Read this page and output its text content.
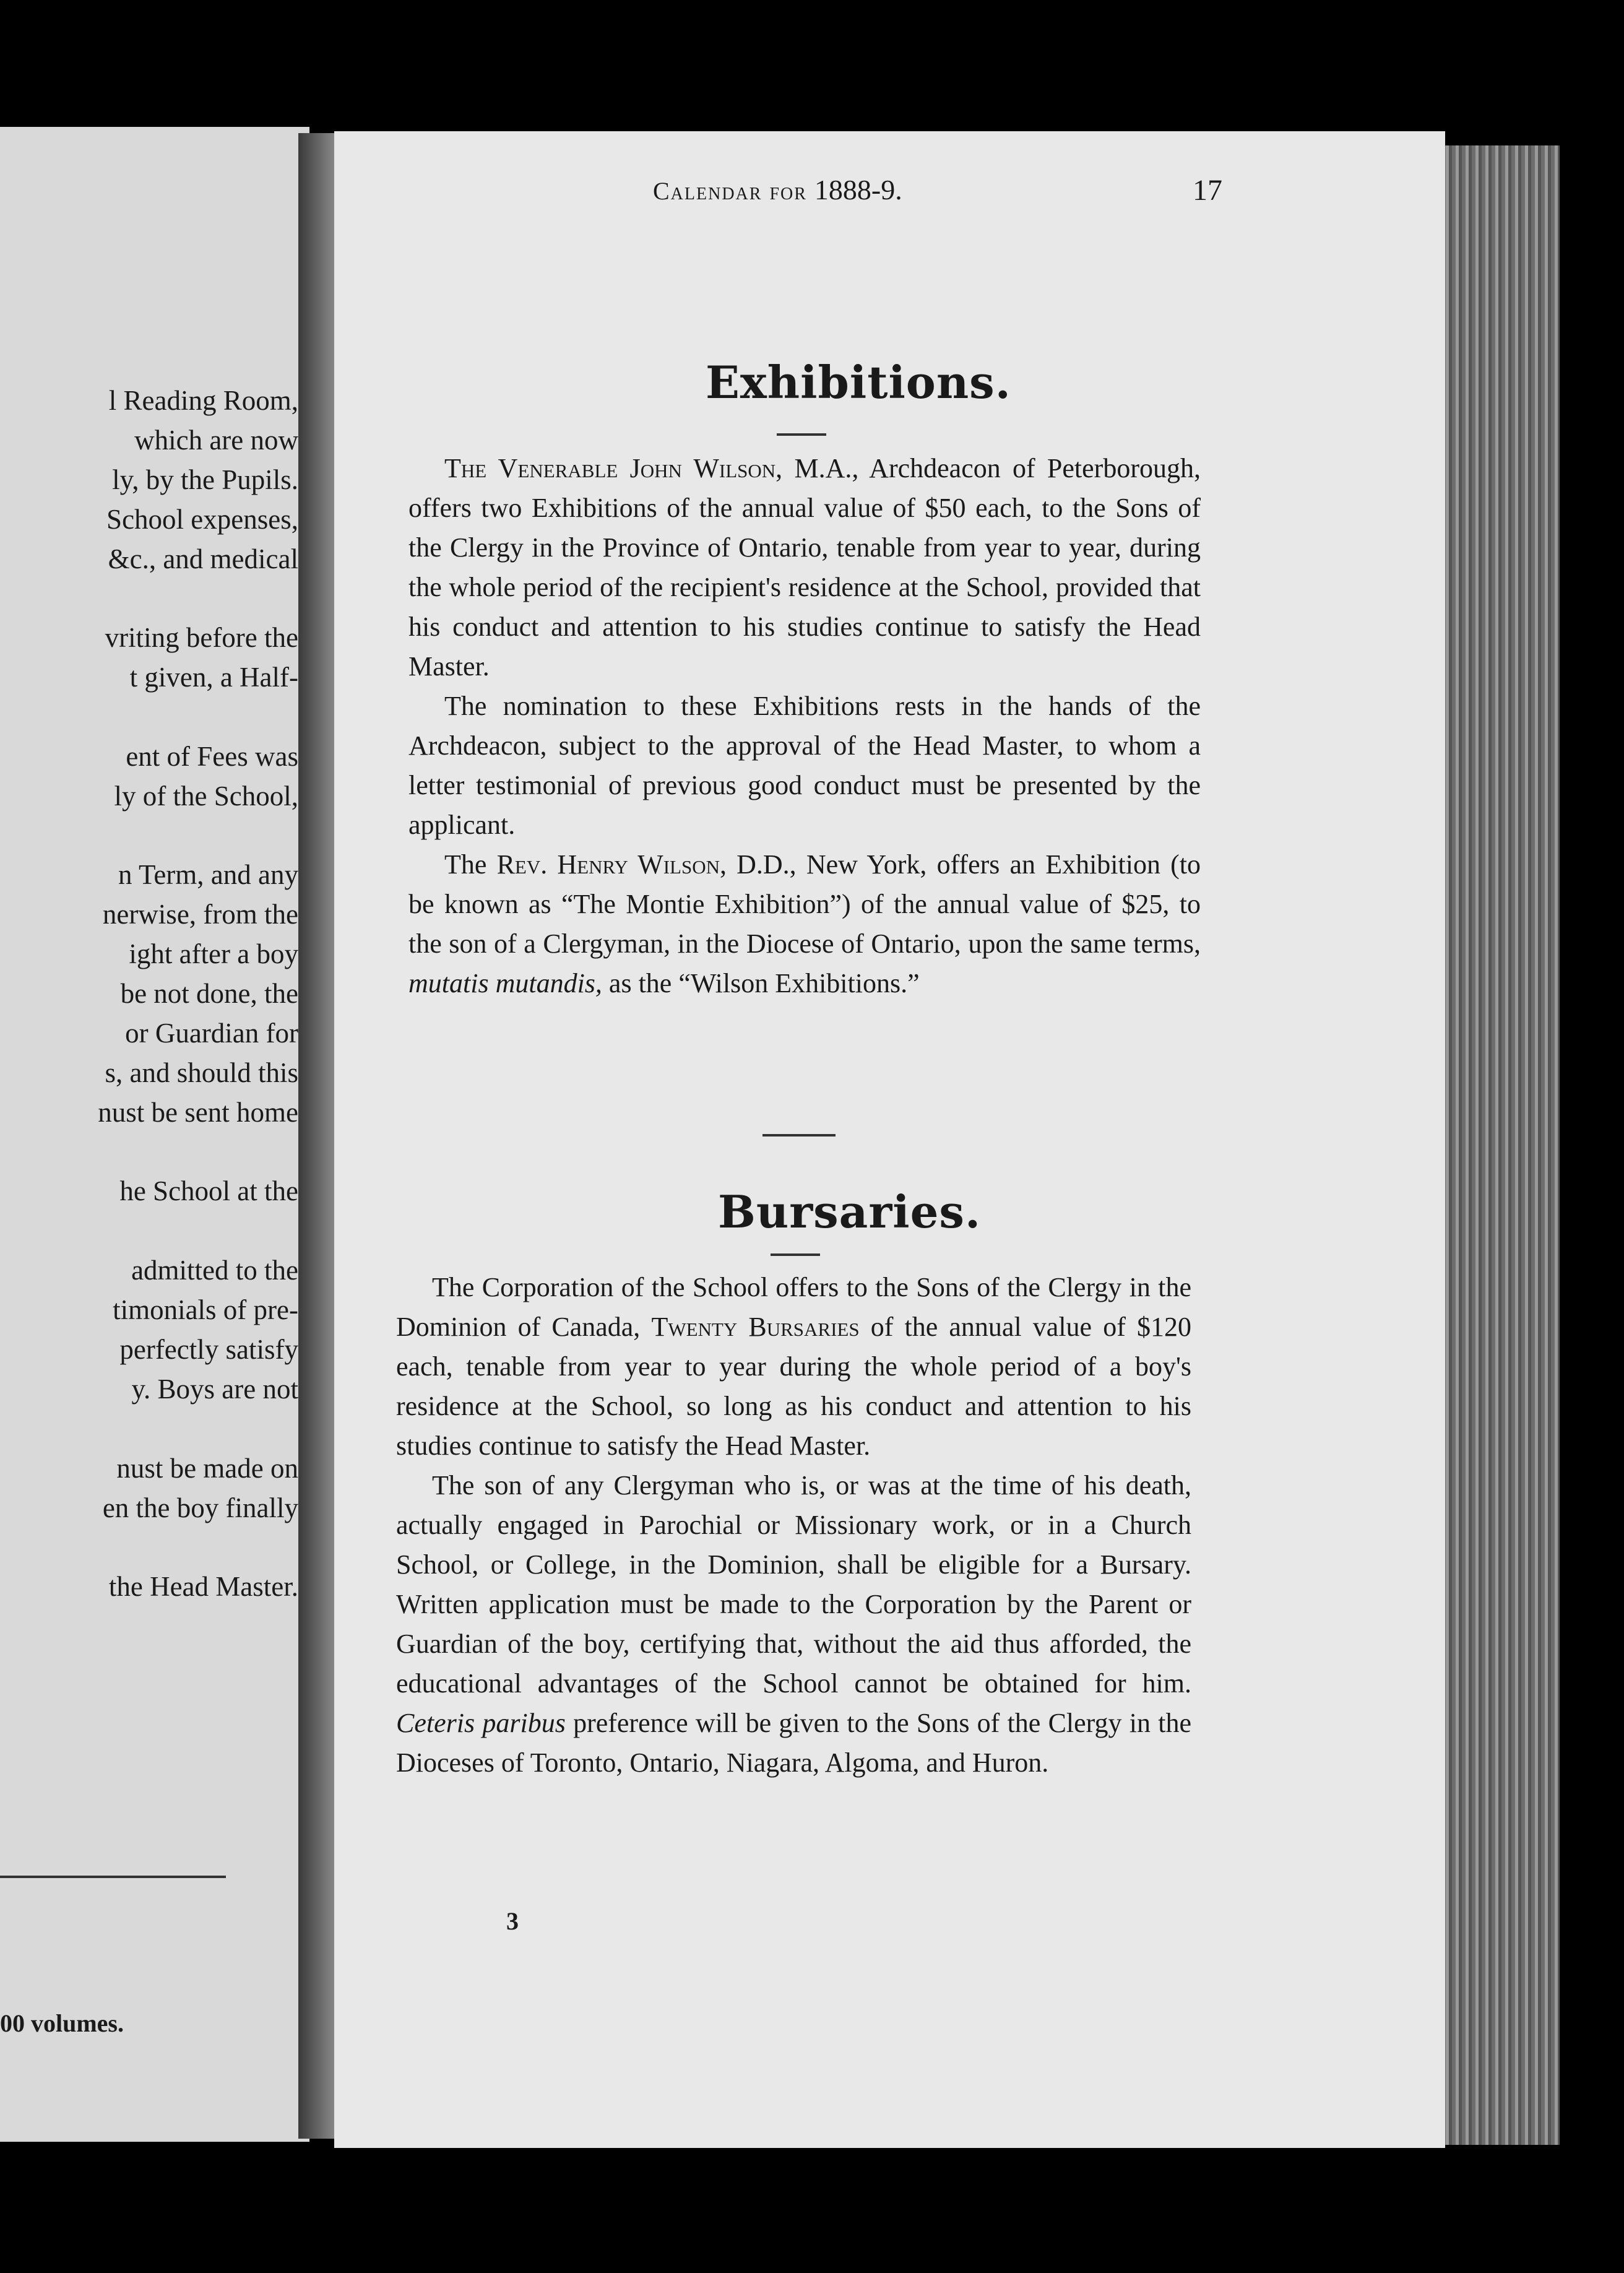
l Reading Room,
which are now
ly, by the Pupils.
School expenses,
&c., and medical
vriting before the
t given, a Half-
ent of Fees was
ly of the School,
n Term, and any
nerwise, from the
ight after a boy
be not done, the
or Guardian for
s, and should this
nust be sent home
he School at the
admitted to the
timonials of pre-
perfectly satisfy
y. Boys are not
nust be made on
en the boy finally
the Head Master.
00 volumes.
Calendar for 1888-9.	17
Exhibitions.

The Venerable John Wilson, M.A., Archdeacon of Peterborough, offers two Exhibitions of the annual value of $50 each, to the Sons of the Clergy in the Province of Ontario, tenable from year to year, during the whole period of the recipient's residence at the School, provided that his conduct and attention to his studies continue to satisfy the Head Master.

The nomination to these Exhibitions rests in the hands of the Archdeacon, subject to the approval of the Head Master, to whom a letter testimonial of previous good conduct must be presented by the applicant.

The Rev. Henry Wilson, D.D., New York, offers an Exhibition (to be known as “The Montie Exhibition”) of the annual value of $25, to the son of a Clergyman, in the Diocese of Ontario, upon the same terms, mutatis mutandis, as the “Wilson Exhibitions.”

Bursaries.

The Corporation of the School offers to the Sons of the Clergy in the Dominion of Canada, Twenty Bursaries of the annual value of $120 each, tenable from year to year during the whole period of a boy's residence at the School, so long as his conduct and attention to his studies continue to satisfy the Head Master.

The son of any Clergyman who is, or was at the time of his death, actually engaged in Parochial or Missionary work, or in a Church School, or College, in the Dominion, shall be eligible for a Bursary. Written application must be made to the Corporation by the Parent or Guardian of the boy, certifying that, without the aid thus afforded, the educational advantages of the School cannot be obtained for him. Ceteris paribus preference will be given to the Sons of the Clergy in the Dioceses of Toronto, Ontario, Niagara, Algoma, and Huron.

3
